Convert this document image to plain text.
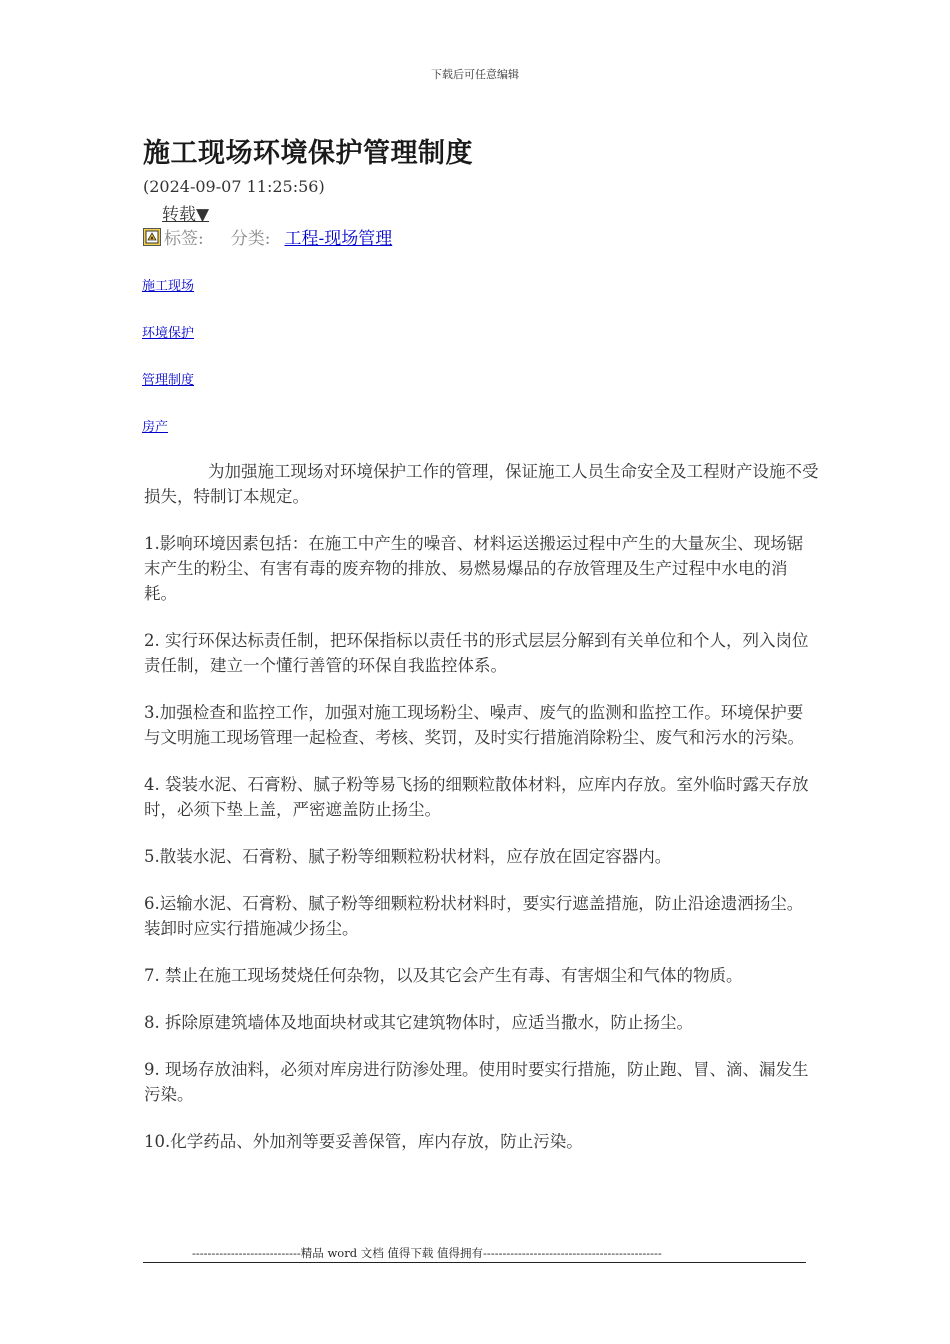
下载后可任意编辑
施工现场环境保护管理制度
(2024-09-07 11:25:56)
转载▼
标签: 分类: 工程-现场管理
施工现场
环境保护
管理制度
房产

为加强施工现场对环境保护工作的管理，保证施工人员生命安全及工程财产设施不受损失，特制订本规定。

1.影响环境因素包括：在施工中产生的噪音、材料运送搬运过程中产生的大量灰尘、现场锯末产生的粉尘、有害有毒的废弃物的排放、易燃易爆品的存放管理及生产过程中水电的消耗。

2. 实行环保达标责任制，把环保指标以责任书的形式层层分解到有关单位和个人，列入岗位责任制，建立一个懂行善管的环保自我监控体系。

3.加强检查和监控工作，加强对施工现场粉尘、噪声、废气的监测和监控工作。环境保护要与文明施工现场管理一起检查、考核、奖罚，及时实行措施消除粉尘、废气和污水的污染。

4. 袋装水泥、石膏粉、腻子粉等易飞扬的细颗粒散体材料，应库内存放。室外临时露天存放时，必须下垫上盖，严密遮盖防止扬尘。

5.散装水泥、石膏粉、腻子粉等细颗粒粉状材料，应存放在固定容器内。

6.运输水泥、石膏粉、腻子粉等细颗粒粉状材料时，要实行遮盖措施，防止沿途遗洒扬尘。装卸时应实行措施减少扬尘。

7. 禁止在施工现场焚烧任何杂物，以及其它会产生有毒、有害烟尘和气体的物质。

8. 拆除原建筑墙体及地面块材或其它建筑物体时，应适当撒水，防止扬尘。

9. 现场存放油料，必须对库房进行防渗处理。使用时要实行措施，防止跑、冒、滴、漏发生污染。

10.化学药品、外加剂等要妥善保管，库内存放，防止污染。

----------------------------精品 word 文档 值得下载 值得拥有----------------------------------------------
